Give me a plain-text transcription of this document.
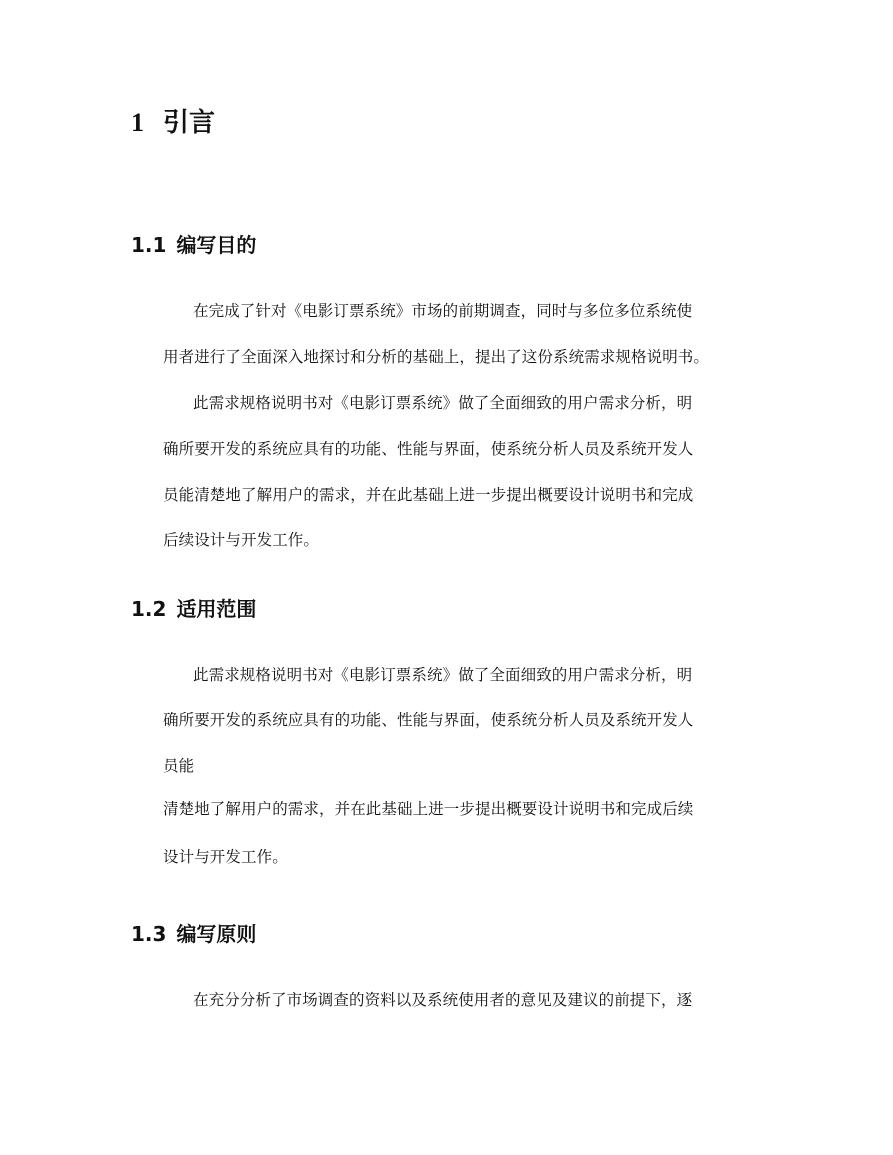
1 引言
1.1 编写目的
在完成了针对《电影订票系统》市场的前期调查，同时与多位多位系统使
用者进行了全面深入地探讨和分析的基础上，提出了这份系统需求规格说明书。
此需求规格说明书对《电影订票系统》做了全面细致的用户需求分析，明
确所要开发的系统应具有的功能、性能与界面，使系统分析人员及系统开发人
员能清楚地了解用户的需求，并在此基础上进一步提出概要设计说明书和完成
后续设计与开发工作。
1.2 适用范围
此需求规格说明书对《电影订票系统》做了全面细致的用户需求分析，明
确所要开发的系统应具有的功能、性能与界面，使系统分析人员及系统开发人
员能
清楚地了解用户的需求，并在此基础上进一步提出概要设计说明书和完成后续
设计与开发工作。
1.3 编写原则
在充分分析了市场调查的资料以及系统使用者的意见及建议的前提下，逐
